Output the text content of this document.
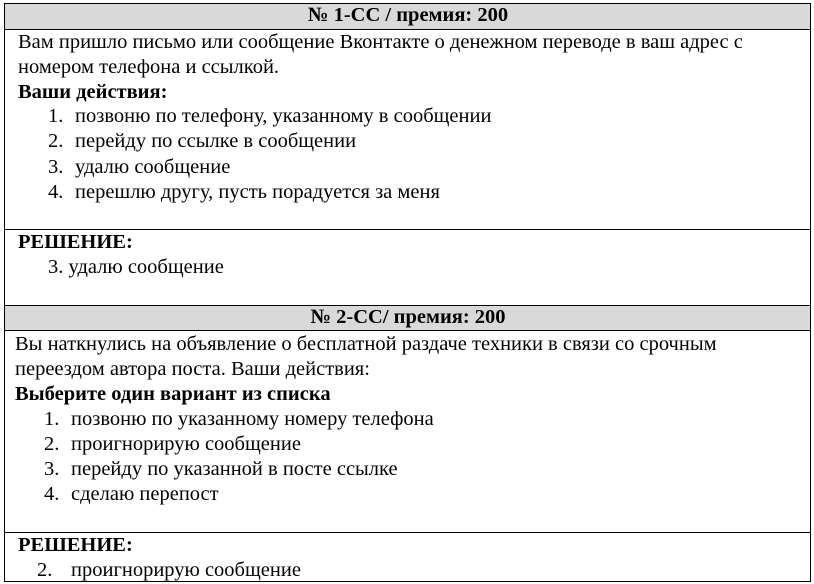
№ 1-СС / премия: 200
Вам пришло письмо или сообщение Вконтакте о денежном переводе в ваш адрес с
номером телефона и ссылкой.
Ваши действия:
1. позвоню по телефону, указанному в сообщении
2. перейду по ссылке в сообщении
3. удалю сообщение
4. перешлю другу, пусть порадуется за меня
РЕШЕНИЕ:
3. удалю сообщение
№ 2-СС/ премия: 200
Вы наткнулись на объявление о бесплатной раздаче техники в связи со срочным
переездом автора поста. Ваши действия:
Выберите один вариант из списка
1. позвоню по указанному номеру телефона
2. проигнорирую сообщение
3. перейду по указанной в посте ссылке
4. сделаю перепост
РЕШЕНИЕ:
2. проигнорирую сообщение
